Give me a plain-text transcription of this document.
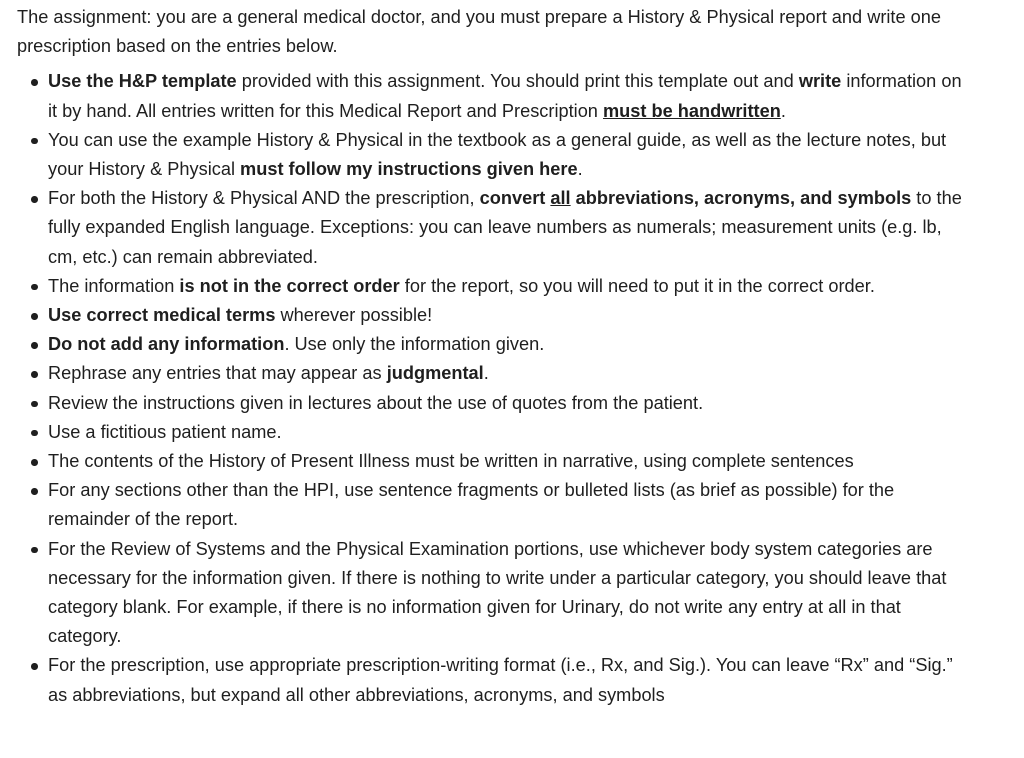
The assignment: you are a general medical doctor, and you must prepare a History & Physical report and write one prescription based on the entries below.

Use the H&P template provided with this assignment. You should print this template out and write information on it by hand. All entries written for this Medical Report and Prescription must be handwritten.
You can use the example History & Physical in the textbook as a general guide, as well as the lecture notes, but your History & Physical must follow my instructions given here.
For both the History & Physical AND the prescription, convert all abbreviations, acronyms, and symbols to the fully expanded English language. Exceptions: you can leave numbers as numerals; measurement units (e.g. lb, cm, etc.) can remain abbreviated.
The information is not in the correct order for the report, so you will need to put it in the correct order.
Use correct medical terms wherever possible!
Do not add any information. Use only the information given.
Rephrase any entries that may appear as judgmental.
Review the instructions given in lectures about the use of quotes from the patient.
Use a fictitious patient name.
The contents of the History of Present Illness must be written in narrative, using complete sentences
For any sections other than the HPI, use sentence fragments or bulleted lists (as brief as possible) for the remainder of the report.
For the Review of Systems and the Physical Examination portions, use whichever body system categories are necessary for the information given. If there is nothing to write under a particular category, you should leave that category blank. For example, if there is no information given for Urinary, do not write any entry at all in that category.
For the prescription, use appropriate prescription-writing format (i.e., Rx, and Sig.). You can leave “Rx” and “Sig.” as abbreviations, but expand all other abbreviations, acronyms, and symbols
